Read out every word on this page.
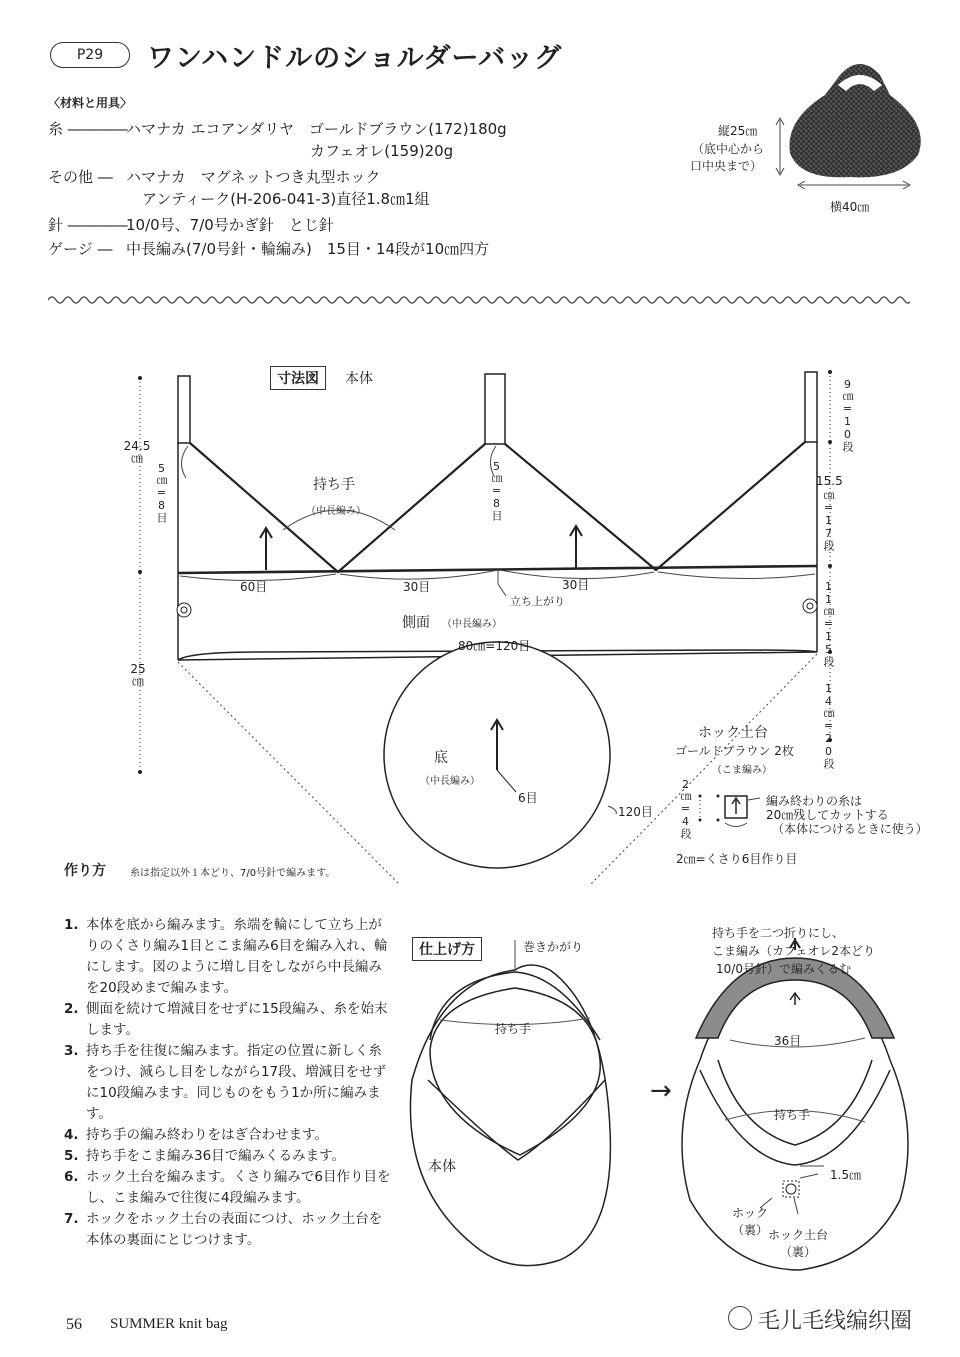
P29	ワンハンドルのショルダーバッグ
〈材料と用具〉
糸 ――――
ハマナカ エコアンダリヤ　ゴールドブラウン(172)180g
カフェオレ(159)20g
その他 ― ハマナカ　マグネットつき丸型ホック
アンティーク(H-206-041-3)直径1.8㎝1組
針 ――――
10/0号、7/0号かぎ針　とじ針
ゲージ ― 中長編み(7/0号針・輪編み)　15目・14段が10㎝四方
縦25㎝
（底中心から
口中央まで）
横40㎝
寸法図	本体
持ち手
（中長編み）
60目	30目	30目
立ち上がり
側面 （中長編み）
80㎝=120目
24.5
㎝
25
㎝
5㎝=8目	5㎝=8目
9㎝=10段
15.5
㎝=17段
11㎝=15段
14㎝=20段
底
（中長編み）
6目
120目
ホック土台
ゴールドブラウン 2枚
（こま編み）
2㎝=4段	編み終わりの糸は
20㎝残してカットする
（本体につけるときに使う）
2㎝=くさり6目作り目
作り方 糸は指定以外１本どり、7/0号針で編みます。
1. 本体を底から編みます。糸端を輪にして立ち上がりのくさり編み1目とこま編み6目を編み入れ、輪にします。図のように増し目をしながら中長編みを20段めまで編みます。
2. 側面を続けて増減目をせずに15段編み、糸を始末します。
3. 持ち手を往復に編みます。指定の位置に新しく糸をつけ、減らし目をしながら17段、増減目をせずに10段編みます。同じものをもう1か所に編みます。
4. 持ち手の編み終わりをはぎ合わせます。
5. 持ち手をこま編み36目で編みくるみます。
6. ホック土台を編みます。くさり編みで6目作り目をし、こま編みで往復に4段編みます。
7. ホックをホック土台の表面につけ、ホック土台を本体の裏面にとじつけます。
仕上げ方	巻きかがり
持ち手
本体
→
持ち手を二つ折りにし、
こま編み（カフェオレ2本どり
10/0号針）で編みくるむ
36目
持ち手
1.5㎝
ホック
（裏） ホック土台
（裏）
56 SUMMER knit bag	毛儿毛线编织圈
